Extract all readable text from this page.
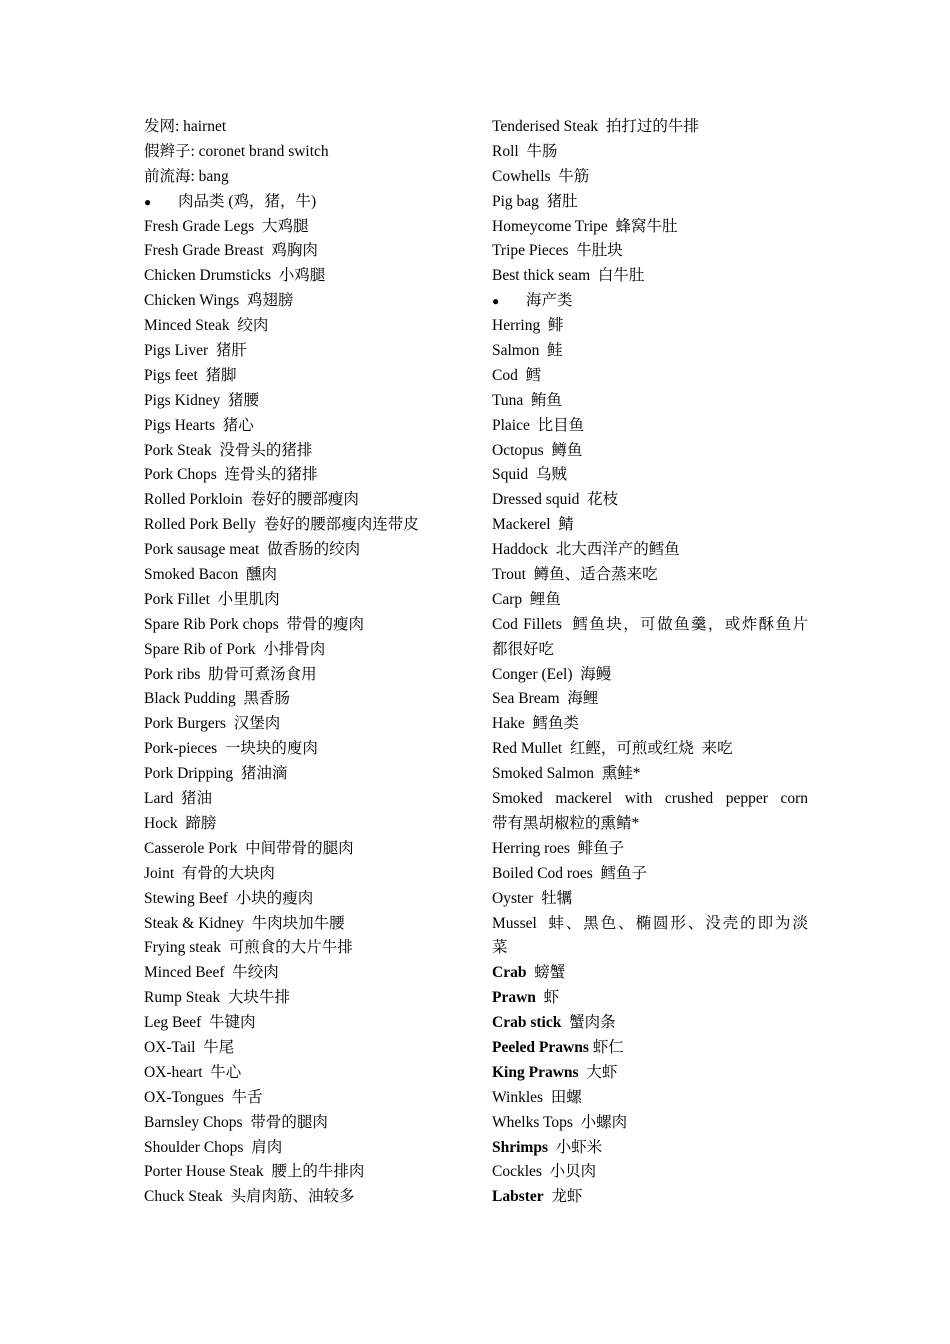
发网: hairnet
假辫子: coronet brand switch
前流海: bang
● 肉品类 (鸡，猪，牛)
Fresh Grade Legs  大鸡腿
Fresh Grade Breast  鸡胸肉
Chicken Drumsticks  小鸡腿
Chicken Wings  鸡翅膀
Minced Steak  绞肉
Pigs Liver  猪肝
Pigs feet  猪脚
Pigs Kidney  猪腰
Pigs Hearts  猪心
Pork Steak  没骨头的猪排
Pork Chops  连骨头的猪排
Rolled Porkloin  卷好的腰部瘦肉
Rolled Pork Belly  卷好的腰部瘦肉连带皮
Pork sausage meat  做香肠的绞肉
Smoked Bacon  醺肉
Pork Fillet  小里肌肉
Spare Rib Pork chops  带骨的瘦肉
Spare Rib of Pork  小排骨肉
Pork ribs  肋骨可煮汤食用
Black Pudding  黑香肠
Pork Burgers  汉堡肉
Pork-pieces  一块块的廋肉
Pork Dripping  猪油滴
Lard  猪油
Hock  蹄膀
Casserole Pork  中间带骨的腿肉
Joint  有骨的大块肉
Stewing Beef  小块的瘦肉
Steak & Kidney  牛肉块加牛腰
Frying steak  可煎食的大片牛排
Minced Beef  牛绞肉
Rump Steak  大块牛排
Leg Beef  牛键肉
OX-Tail  牛尾
OX-heart  牛心
OX-Tongues  牛舌
Barnsley Chops  带骨的腿肉
Shoulder Chops  肩肉
Porter House Steak  腰上的牛排肉
Chuck Steak  头肩肉筋、油较多
Tenderised Steak  拍打过的牛排
Roll  牛肠
Cowhells  牛筋
Pig bag  猪肚
Homeycome Tripe  蜂窝牛肚
Tripe Pieces  牛肚块
Best thick seam  白牛肚
● 海产类
Herring  鲱
Salmon  鲑
Cod  鳕
Tuna  鲔鱼
Plaice  比目鱼
Octopus  鳟鱼
Squid  乌贼
Dressed squid  花枝
Mackerel  鲭
Haddock  北大西洋产的鳕鱼
Trout  鳟鱼、适合蒸来吃
Carp  鲤鱼
Cod Fillets  鳕鱼块，可做鱼羹，或炸酥鱼片
都很好吃
Conger (Eel)  海鳗
Sea Bream  海鲤
Hake  鳕鱼类
Red Mullet  红鲣，可煎或红烧  来吃
Smoked Salmon  熏鲑*
Smoked  mackerel  with  crushed  pepper  corn
带有黑胡椒粒的熏鲭*
Herring roes  鲱鱼子
Boiled Cod roes  鳕鱼子
Oyster  牡犡
Mussel  蚌、黑色、椭圆形、没壳的即为淡
菜
Crab  螃蟹
Prawn  虾
Crab stick  蟹肉条
Peeled Prawns 虾仁
King Prawns  大虾
Winkles  田螺
Whelks Tops  小螺肉
Shrimps  小虾米
Cockles  小贝肉
Labster  龙虾
